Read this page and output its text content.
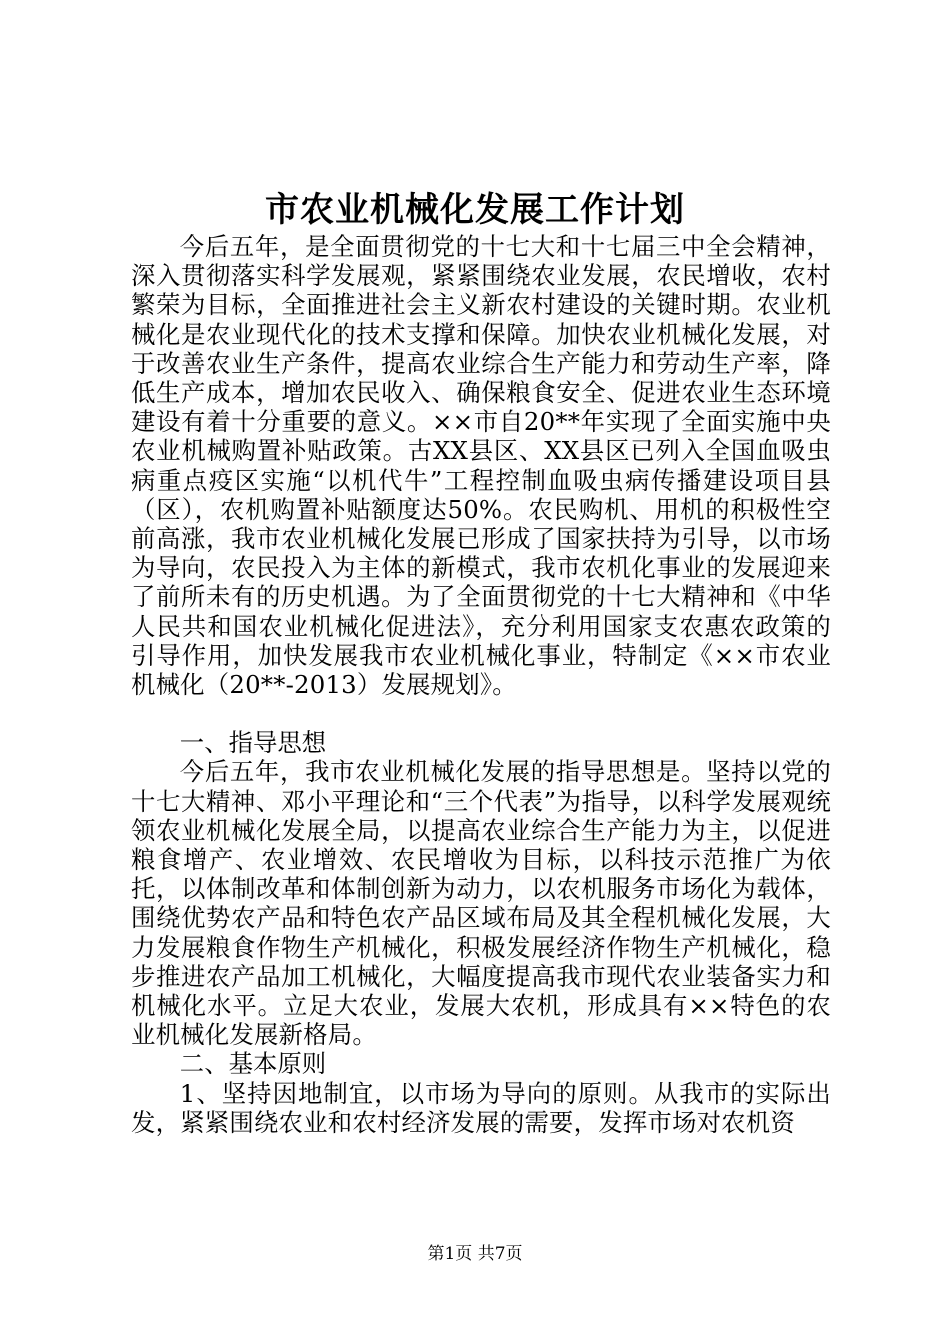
市农业机械化发展工作计划

今后五年，是全面贯彻党的十七大和十七届三中全会精神，深入贯彻落实科学发展观，紧紧围绕农业发展，农民增收，农村繁荣为目标，全面推进社会主义新农村建设的关键时期。农业机械化是农业现代化的技术支撑和保障。加快农业机械化发展，对于改善农业生产条件，提高农业综合生产能力和劳动生产率，降低生产成本，增加农民收入、确保粮食安全、促进农业生态环境建设有着十分重要的意义。××市自20**年实现了全面实施中央农业机械购置补贴政策。古XX县区、XX县区已列入全国血吸虫病重点疫区实施“以机代牛”工程控制血吸虫病传播建设项目县（区），农机购置补贴额度达50%。农民购机、用机的积极性空前高涨，我市农业机械化发展已形成了国家扶持为引导，以市场为导向，农民投入为主体的新模式，我市农机化事业的发展迎来了前所未有的历史机遇。为了全面贯彻党的十七大精神和《中华人民共和国农业机械化促进法》，充分利用国家支农惠农政策的引导作用，加快发展我市农业机械化事业，特制定《××市农业机械化（20**-2013）发展规划》。

一、指导思想

今后五年，我市农业机械化发展的指导思想是。坚持以党的十七大精神、邓小平理论和“三个代表”为指导，以科学发展观统领农业机械化发展全局，以提高农业综合生产能力为主，以促进粮食增产、农业增效、农民增收为目标，以科技示范推广为依托，以体制改革和体制创新为动力，以农机服务市场化为载体，围绕优势农产品和特色农产品区域布局及其全程机械化发展，大力发展粮食作物生产机械化，积极发展经济作物生产机械化，稳步推进农产品加工机械化，大幅度提高我市现代农业装备实力和机械化水平。立足大农业，发展大农机，形成具有××特色的农业机械化发展新格局。

二、基本原则

1、坚持因地制宜，以市场为导向的原则。从我市的实际出发，紧紧围绕农业和农村经济发展的需要，发挥市场对农机资

第1页 共7页
